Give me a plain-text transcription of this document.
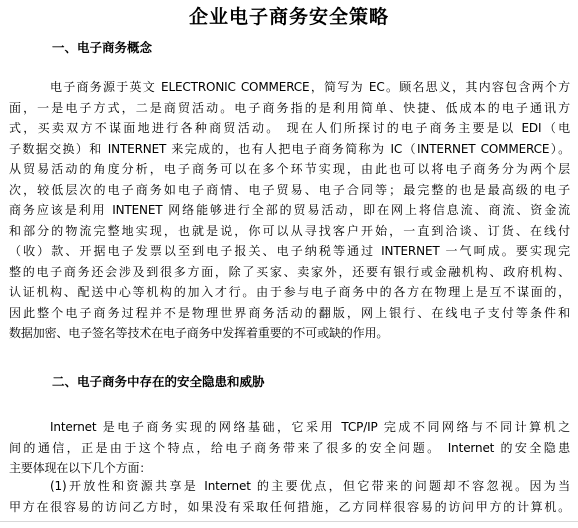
企业电子商务安全策略
一、电子商务概念
电子商务源于英文 ELECTRONIC COMMERCE，简写为 EC。顾名思义，其内容包含两个方
面，一是电子方式，二是商贸活动。电子商务指的是利用简单、快捷、低成本的电子通讯方
式，买卖双方不谋面地进行各种商贸活动。 现在人们所探讨的电子商务主要是以 EDI（电
子数据交换）和 INTERNET 来完成的，也有人把电子商务简称为 IC（INTERNET COMMERCE）。
从贸易活动的角度分析，电子商务可以在多个环节实现，由此也可以将电子商务分为两个层
次，较低层次的电子商务如电子商情、电子贸易、电子合同等；最完整的也是最高级的电子
商务应该是利用 INTENET 网络能够进行全部的贸易活动，即在网上将信息流、商流、资金流
和部分的物流完整地实现，也就是说，你可以从寻找客户开始，一直到洽谈、订货、在线付
（收）款、开据电子发票以至到电子报关、电子纳税等通过 INTERNET 一气呵成。要实现完
整的电子商务还会涉及到很多方面，除了买家、卖家外，还要有银行或金融机构、政府机构、
认证机构、配送中心等机构的加入才行。由于参与电子商务中的各方在物理上是互不谋面的，
因此整个电子商务过程并不是物理世界商务活动的翻版，网上银行、在线电子支付等条件和
数据加密、电子签名等技术在电子商务中发挥着重要的不可或缺的作用。
二、电子商务中存在的安全隐患和威胁
Internet 是电子商务实现的网络基础，它采用 TCP/IP 完成不同网络与不同计算机之
间的通信，正是由于这个特点，给电子商务带来了很多的安全问题。 Internet 的安全隐患
主要体现在以下几个方面：
(1)开放性和资源共享是 Internet 的主要优点，但它带来的问题却不容忽视。因为当
甲方在很容易的访问乙方时，如果没有采取任何措施，乙方同样很容易的访问甲方的计算机。
